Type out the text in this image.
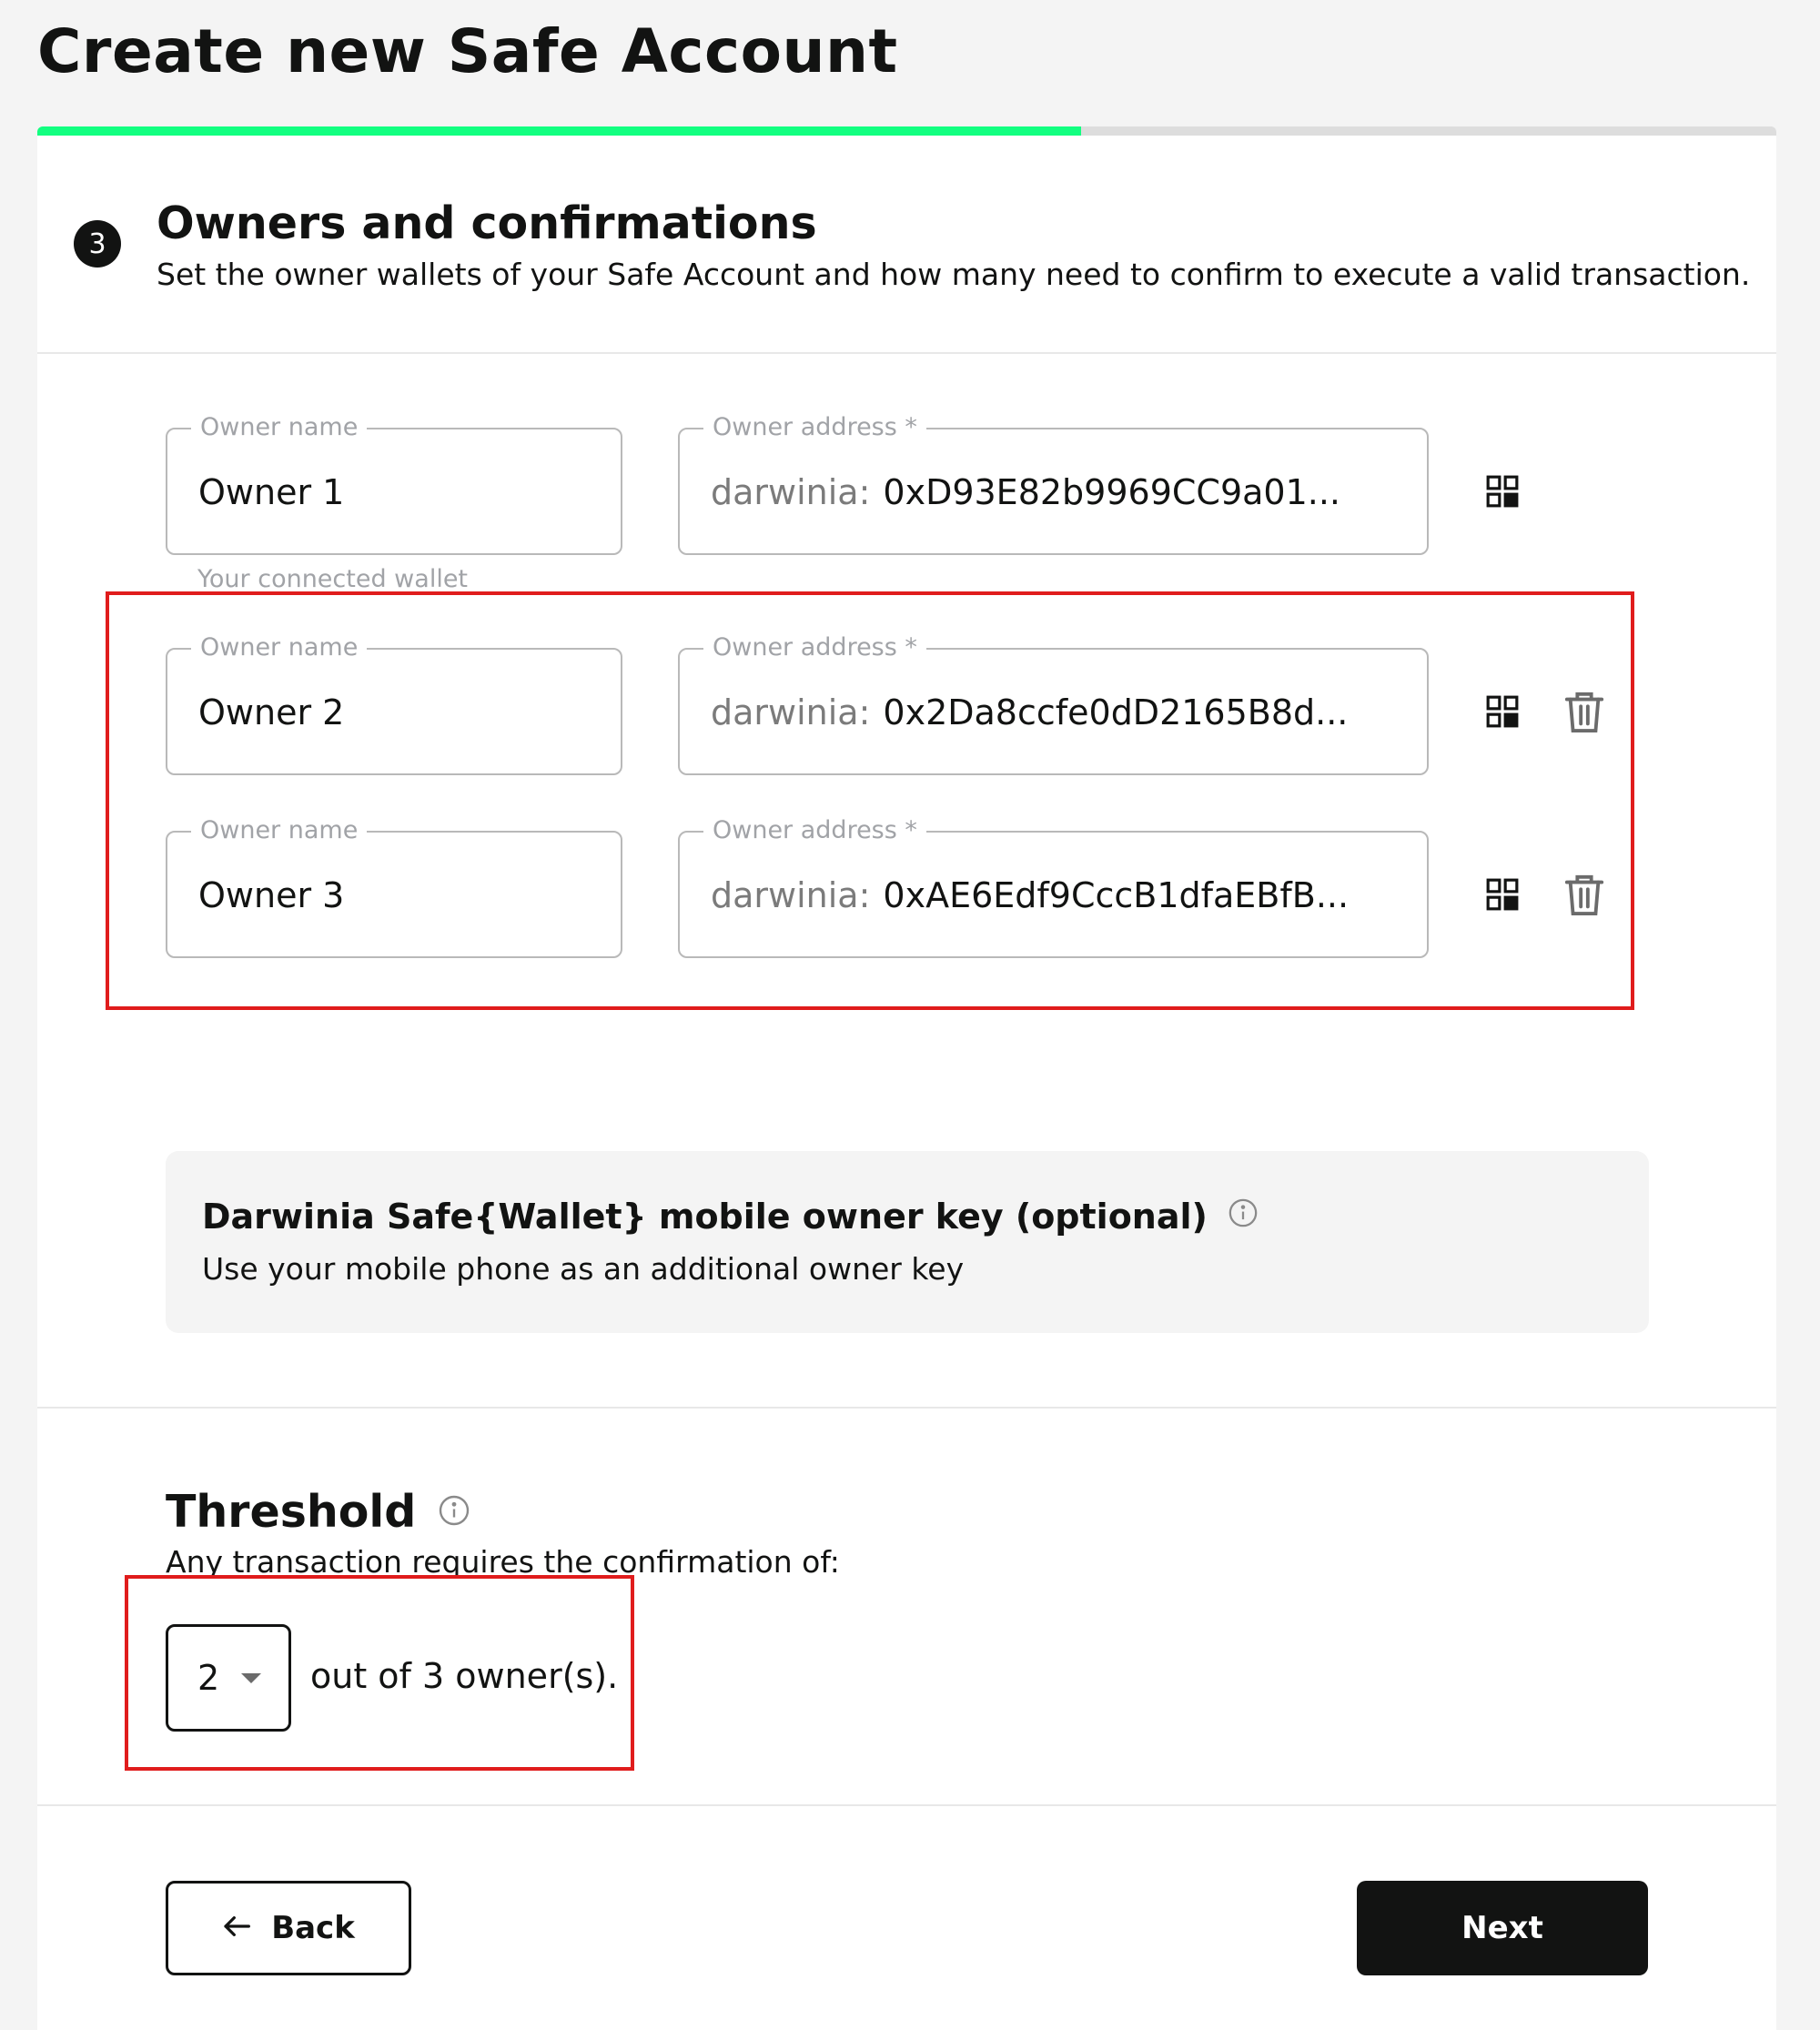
Create new Safe Account
3	Owners and confirmations
Set the owner wallets of your Safe Account and how many need to confirm to execute a valid transaction.
Owner name
Owner 1
Owner address *
darwinia: 0xD93E82b9969CC9a01...
Your connected wallet
Owner name
Owner 2
Owner address *
darwinia: 0x2Da8ccfe0dD2165B8d...
Owner name
Owner 3
Owner address *
darwinia: 0xAE6Edf9CccB1dfaEBfB...
Darwinia Safe{Wallet} mobile owner key (optional)
Use your mobile phone as an additional owner key
Threshold
Any transaction requires the confirmation of:
2	out of 3 owner(s).
Back	Next
